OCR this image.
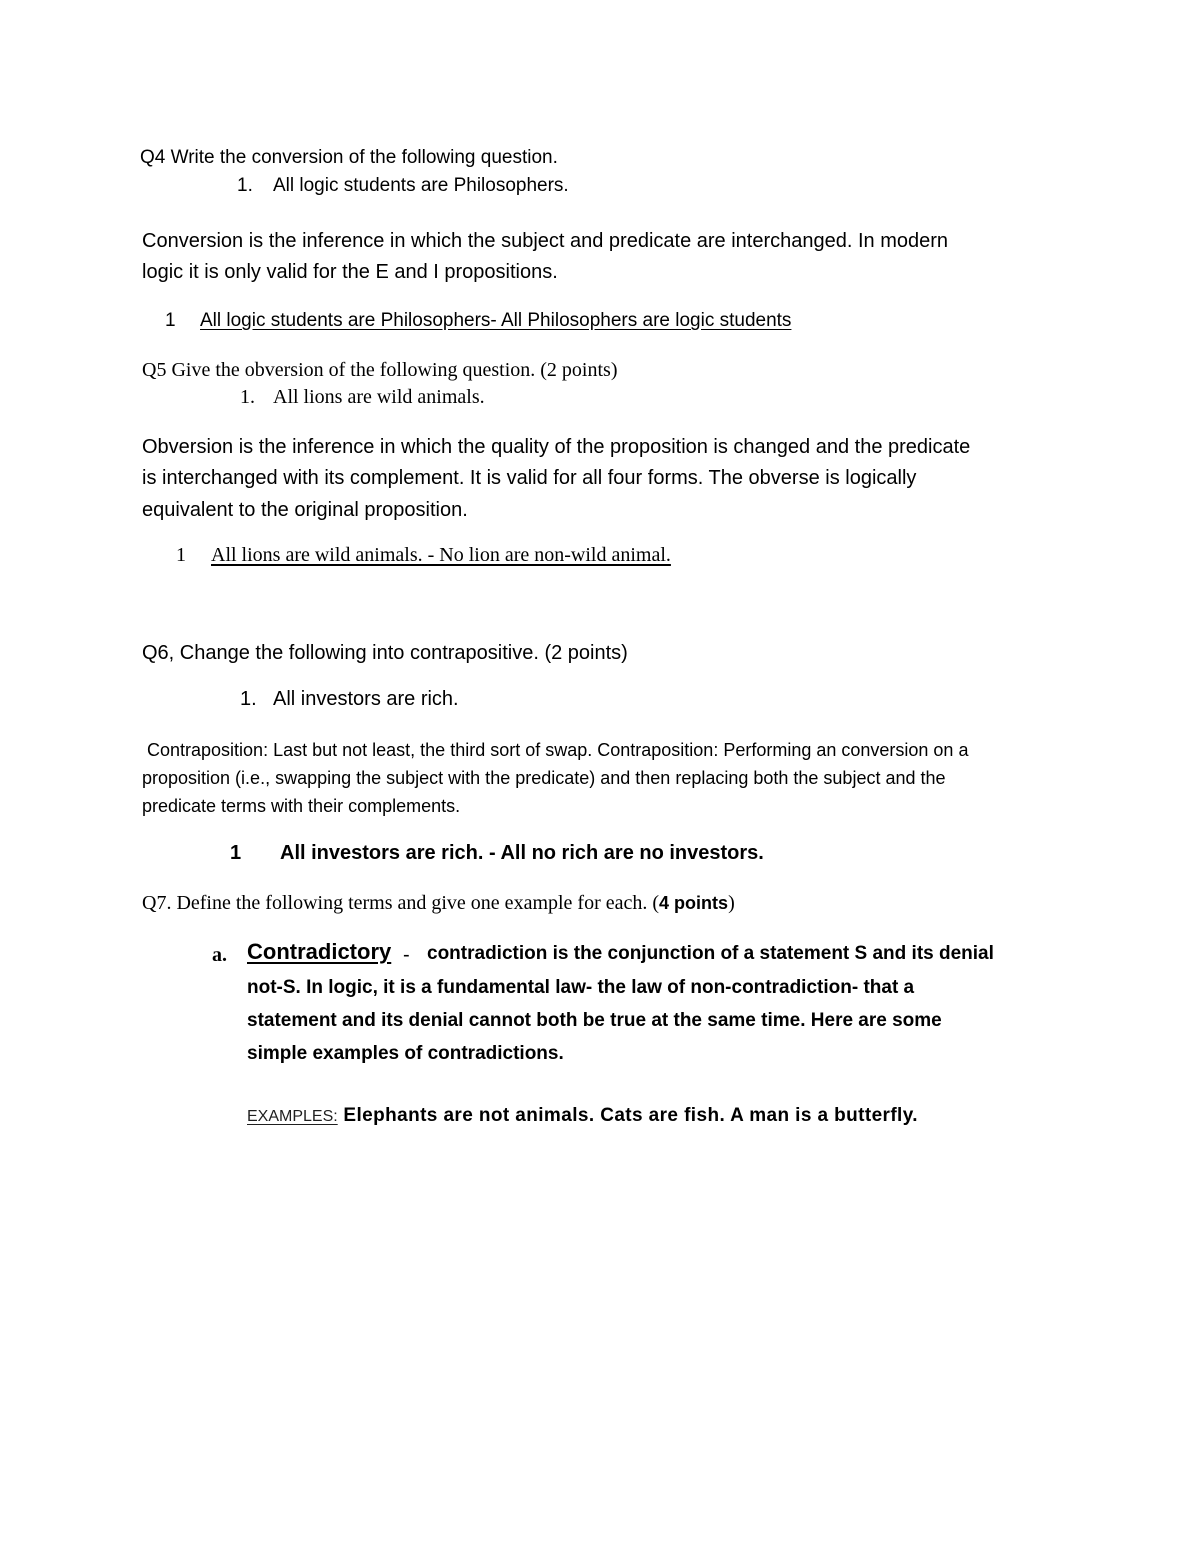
Q4 Write the conversion of the following question.
1. All logic students are Philosophers.
Conversion is the inference in which the subject and predicate are interchanged. In modern
logic it is only valid for the E and I propositions.
1 All logic students are Philosophers- All Philosophers are logic students
Q5 Give the obversion of the following question. (2 points)
1. All lions are wild animals.
Obversion is the inference in which the quality of the proposition is changed and the predicate
is interchanged with its complement. It is valid for all four forms. The obverse is logically
equivalent to the original proposition.
1 All lions are wild animals. - No lion are non-wild animal.
Q6, Change the following into contrapositive. (2 points)
1. All investors are rich.
Contraposition: Last but not least, the third sort of swap. Contraposition: Performing an conversion on a
proposition (i.e., swapping the subject with the predicate) and then replacing both the subject and the
predicate terms with their complements.
1 All investors are rich. - All no rich are no investors.
Q7. Define the following terms and give one example for each. (4 points)
a. Contradictory - contradiction is the conjunction of a statement S and its denial
not-S. In logic, it is a fundamental law- the law of non-contradiction- that a
statement and its denial cannot both be true at the same time. Here are some
simple examples of contradictions.
EXAMPLES: Elephants are not animals. Cats are fish. A man is a butterfly.
